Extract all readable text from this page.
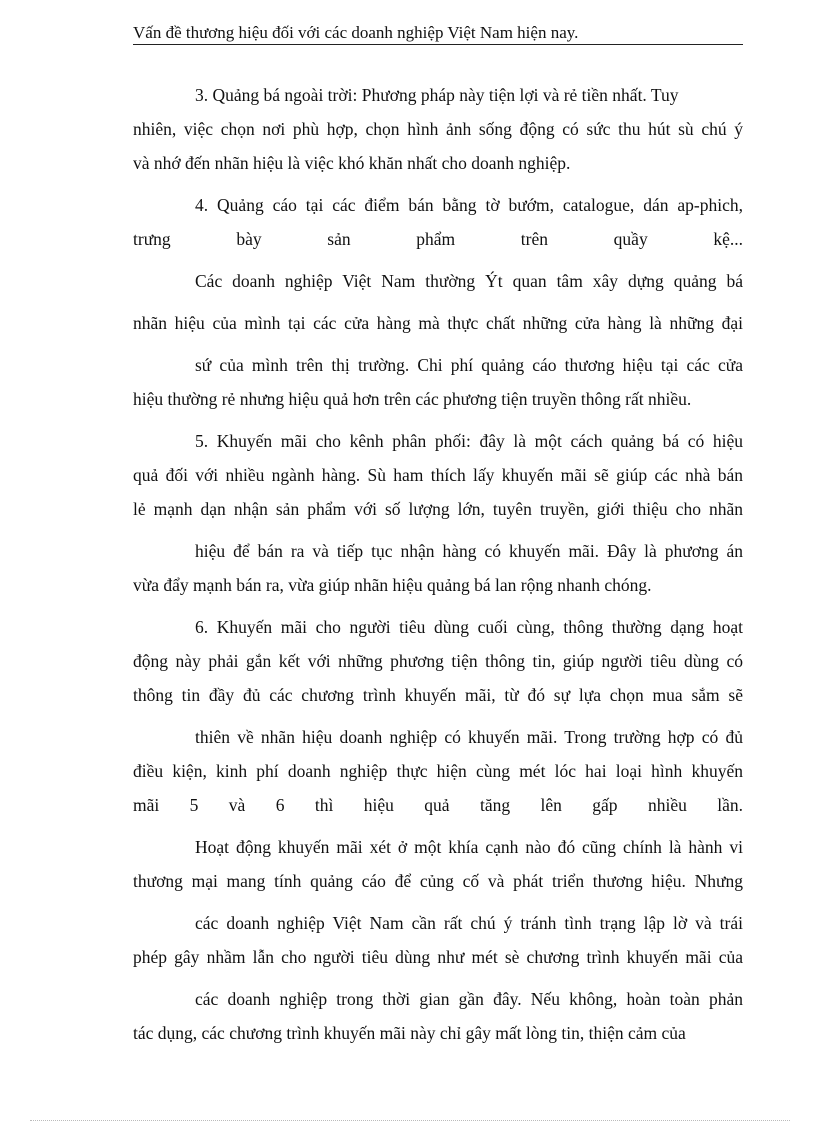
Vấn đề thương hiệu đối với các doanh nghiệp Việt Nam hiện nay.
3. Quảng bá ngoài trời: Phương pháp này tiện lợi và rẻ tiền nhất. Tuy
nhiên, việc chọn nơi phù hợp, chọn hình ảnh sống động có sức thu hút sù chú ý
và nhớ đến nhãn hiệu là việc khó khăn nhất cho doanh nghiệp.
4. Quảng cáo tại các điểm bán bằng tờ bướm, catalogue, dán ap-phich,
trưng bày sản phẩm trên quầy kệ...
Các doanh nghiệp Việt Nam thường Ýt quan tâm xây dựng quảng bá
nhãn hiệu của mình tại các cửa hàng mà thực chất những cửa hàng là những đại
sứ của mình trên thị trường. Chi phí quảng cáo thương hiệu tại các cửa
hiệu thường rẻ nhưng hiệu quả hơn trên các phương tiện truyền thông rất nhiều.
5. Khuyến mãi cho kênh phân phối: đây là một cách quảng bá có hiệu
quả đối với nhiều ngành hàng. Sù ham thích lấy khuyến mãi sẽ giúp các nhà bán
lẻ mạnh dạn nhận sản phẩm với số lượng lớn, tuyên truyền, giới thiệu cho nhãn
hiệu để bán ra và tiếp tục nhận hàng có khuyến mãi. Đây là phương án
vừa đẩy mạnh bán ra, vừa giúp nhãn hiệu quảng bá lan rộng nhanh chóng.
6. Khuyến mãi cho người tiêu dùng cuối cùng, thông thường dạng hoạt
động này phải gắn kết với những phương tiện thông tin, giúp người tiêu dùng có
thông tin đầy đủ các chương trình khuyến mãi, từ đó sự lựa chọn mua sắm sẽ
thiên về nhãn hiệu doanh nghiệp có khuyến mãi. Trong trường hợp có đủ
điều kiện, kinh phí doanh nghiệp thực hiện cùng mét lóc hai loại hình khuyến
mãi 5 và 6 thì hiệu quả tăng lên gấp nhiều lần.
Hoạt động khuyến mãi xét ở một khía cạnh nào đó cũng chính là hành vi
thương mại mang tính quảng cáo để củng cố và phát triển thương hiệu. Nhưng
các doanh nghiệp Việt Nam cần rất chú ý tránh tình trạng lập lờ và trái
phép gây nhầm lẫn cho người tiêu dùng như mét sè chương trình khuyến mãi của
các doanh nghiệp trong thời gian gần đây. Nếu không, hoàn toàn phản
tác dụng, các chương trình khuyến mãi này chỉ gây mất lòng tin, thiện cảm của
